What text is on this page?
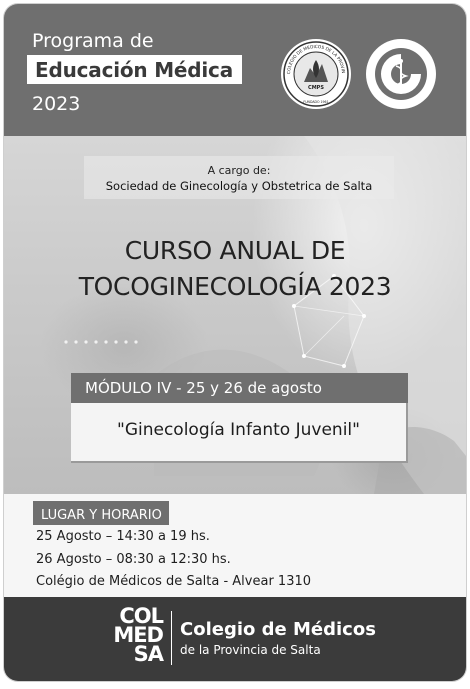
Programa de
Educación Médica
2023
COLEGIO DE MÉDICOS DE LA PROVIN
CMPS
FUNDADO 1961
A cargo de:
Sociedad de Ginecología y Obstetrica de Salta
CURSO ANUAL DE
TOCOGINECOLOGÍA 2023
MÓDULO IV - 25 y 26 de agosto
"Ginecología Infanto Juvenil"
LUGAR Y HORARIO
25 Agosto – 14:30 a 19 hs.
26 Agosto – 08:30 a 12:30 hs.
Colégio de Médicos de Salta - Alvear 1310
COL
MED
SA
Colegio de Médicos
de la Provincia de Salta
